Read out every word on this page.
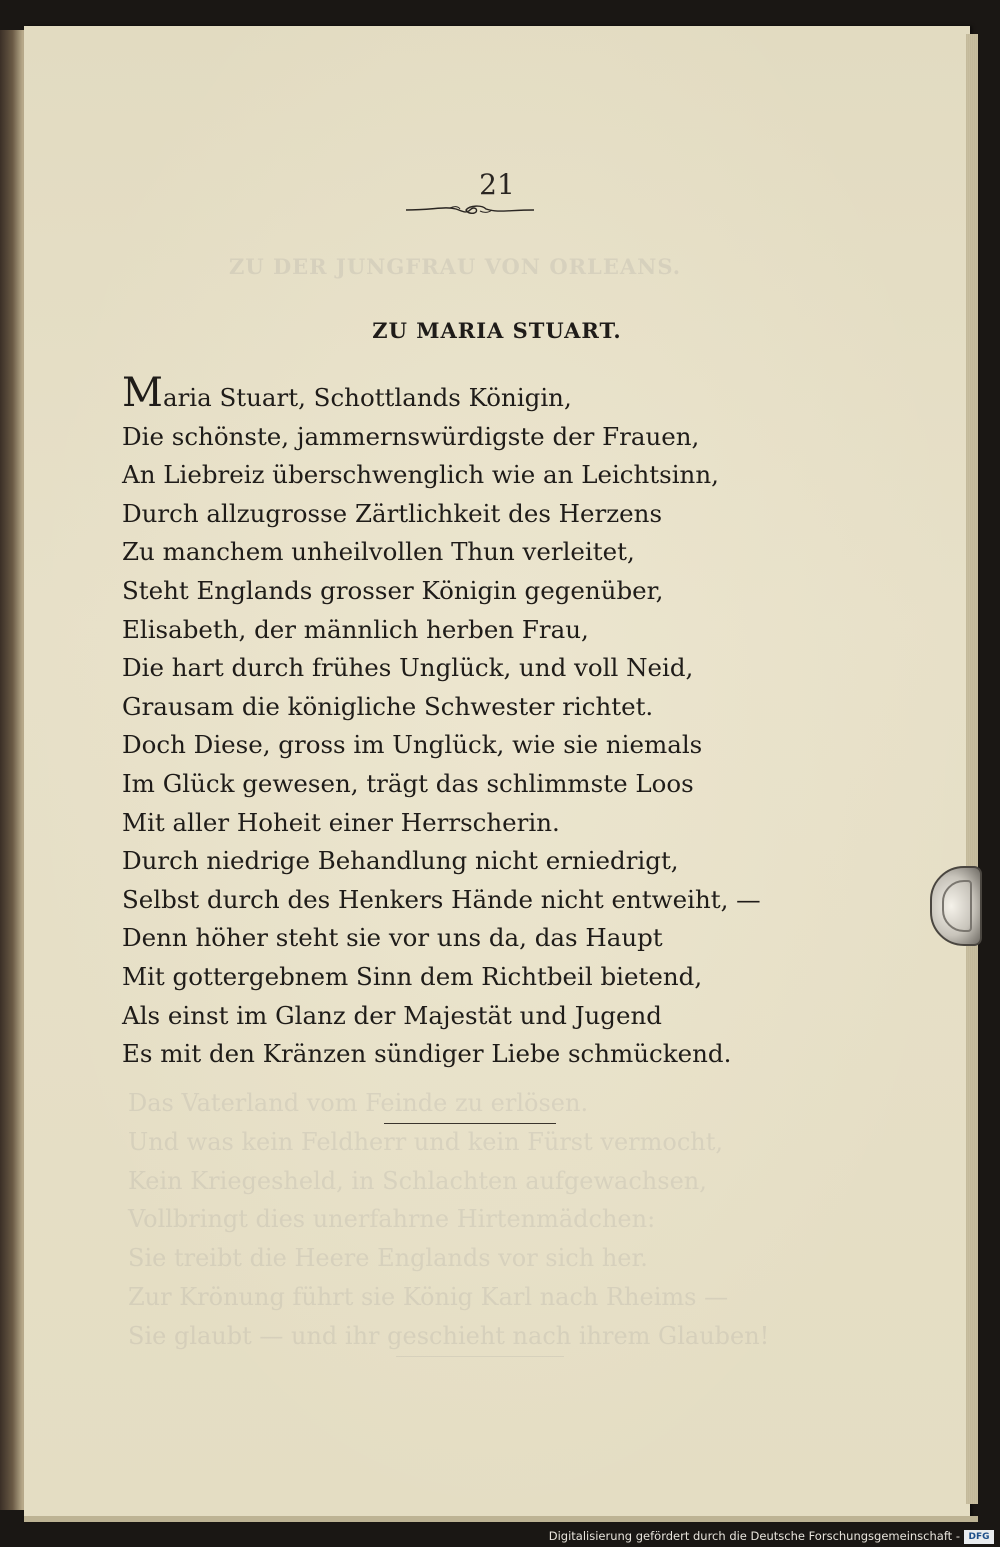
ZU DER JUNGFRAU VON ORLEANS.
Das Vaterland vom Feinde zu erlösen.
Und was kein Feldherr und kein Fürst vermocht,
Kein Kriegesheld, in Schlachten aufgewachsen,
Vollbringt dies unerfahrne Hirtenmädchen:
Sie treibt die Heere Englands vor sich her.
Zur Krönung führt sie König Karl nach Rheims —
Sie glaubt — und ihr geschieht nach ihrem Glauben!
21
ZU MARIA STUART.
Maria Stuart, Schottlands Königin,
Die schönste, jammernswürdigste der Frauen,
An Liebreiz überschwenglich wie an Leichtsinn,
Durch allzugrosse Zärtlichkeit des Herzens
Zu manchem unheilvollen Thun verleitet,
Steht Englands grosser Königin gegenüber,
Elisabeth, der männlich herben Frau,
Die hart durch frühes Unglück, und voll Neid,
Grausam die königliche Schwester richtet.
Doch Diese, gross im Unglück, wie sie niemals
Im Glück gewesen, trägt das schlimmste Loos
Mit aller Hoheit einer Herrscherin.
Durch niedrige Behandlung nicht erniedrigt,
Selbst durch des Henkers Hände nicht entweiht, —
Denn höher steht sie vor uns da, das Haupt
Mit gottergebnem Sinn dem Richtbeil bietend,
Als einst im Glanz der Majestät und Jugend
Es mit den Kränzen sündiger Liebe schmückend.
Digitalisierung gefördert durch die Deutsche Forschungsgemeinschaft - DFG
